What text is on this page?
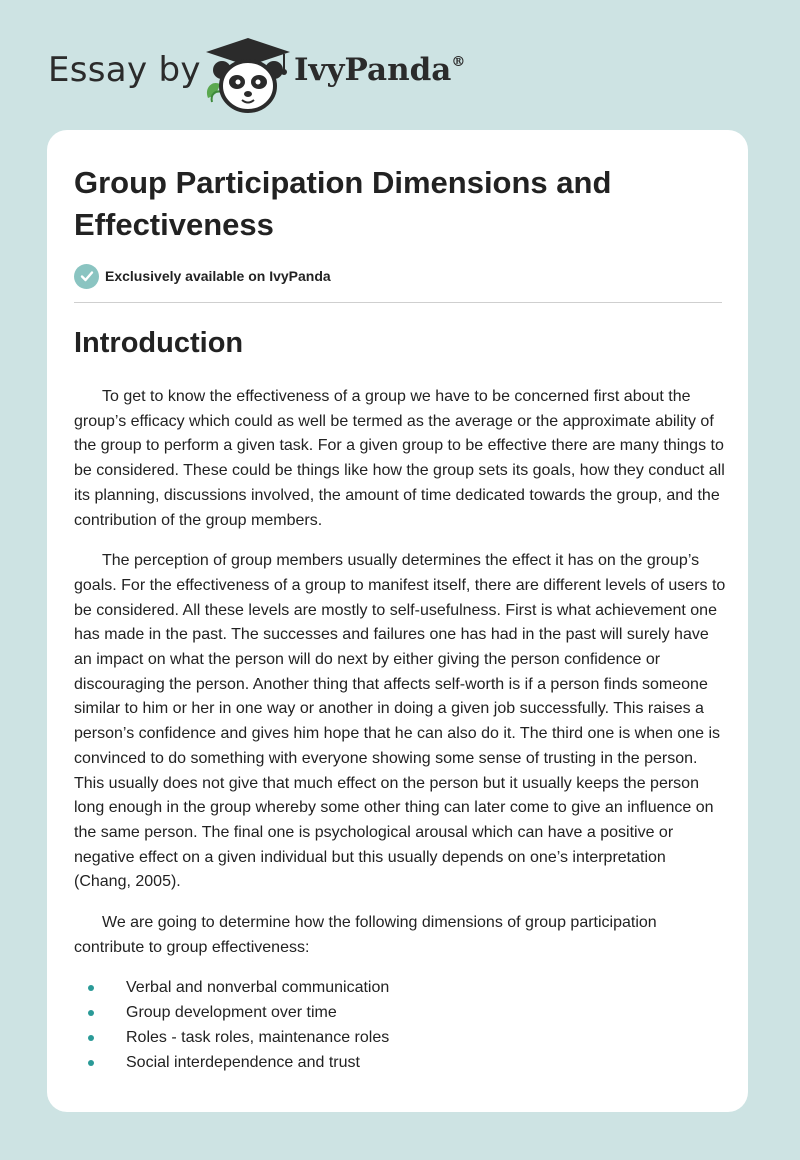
Essay by	IvyPanda®
Group Participation Dimensions and Effectiveness
Exclusively available on IvyPanda
Introduction

To get to know the effectiveness of a group we have to be concerned first about the group’s efficacy which could as well be termed as the average or the approximate ability of the group to perform a given task. For a given group to be effective there are many things to be considered. These could be things like how the group sets its goals, how they conduct all its planning, discussions involved, the amount of time dedicated towards the group, and the contribution of the group members.

The perception of group members usually determines the effect it has on the group’s goals. For the effectiveness of a group to manifest itself, there are different levels of users to be considered. All these levels are mostly to self-usefulness. First is what achievement one has made in the past. The successes and failures one has had in the past will surely have an impact on what the person will do next by either giving the person confidence or discouraging the person. Another thing that affects self-worth is if a person finds someone similar to him or her in one way or another in doing a given job successfully. This raises a person’s confidence and gives him hope that he can also do it. The third one is when one is convinced to do something with everyone showing some sense of trusting in the person. This usually does not give that much effect on the person but it usually keeps the person long enough in the group whereby some other thing can later come to give an influence on the same person. The final one is psychological arousal which can have a positive or negative effect on a given individual but this usually depends on one’s interpretation (Chang, 2005).

We are going to determine how the following dimensions of group participation contribute to group effectiveness:

Verbal and nonverbal communication
Group development over time
Roles - task roles, maintenance roles
Social interdependence and trust
